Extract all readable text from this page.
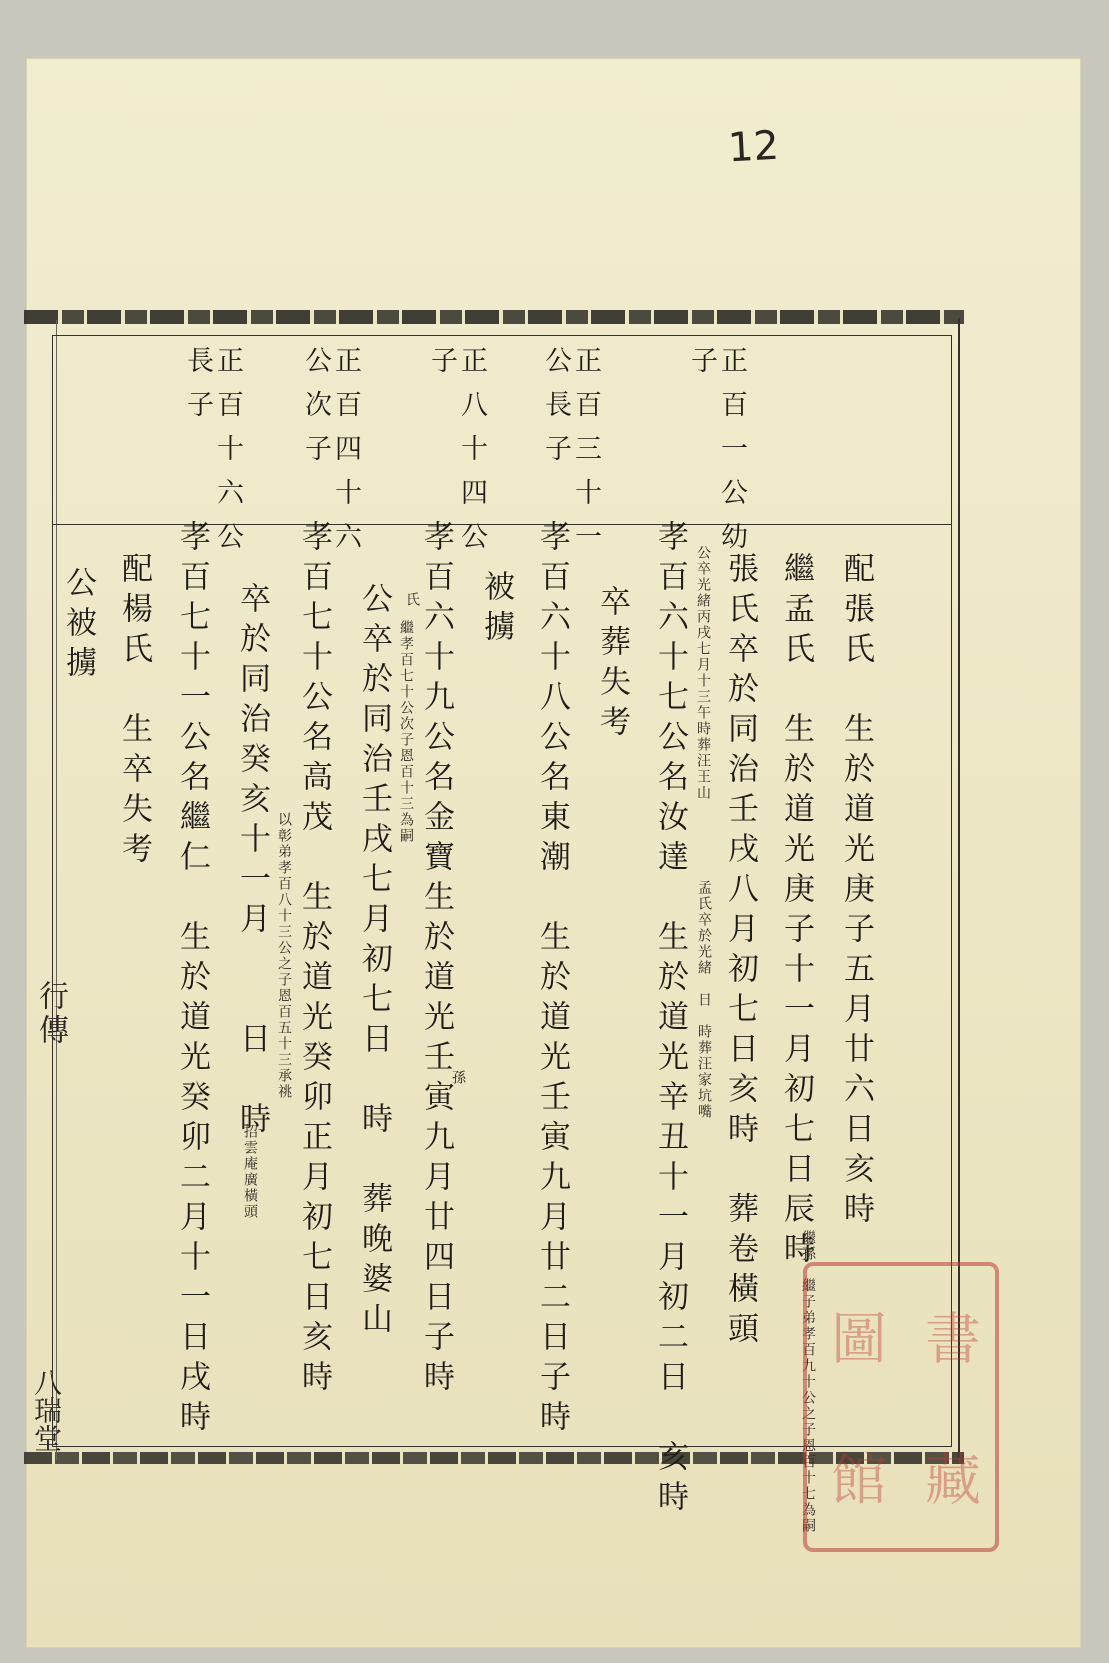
12
行傳
八瑞堂
正百一公幼
子
正百三十一
公長子
正八十四公
子
正百四十六
公次子
正百十六公
長子
配張氏　生於道光庚子五月廿六日亥時
繼孟氏　生於道光庚子十一月初七日辰時
張氏卒於同治壬戌八月初七日亥時　葬卷橫頭
孝百六十七公名汝達　生於道光辛丑十一月初二日　亥時
卒葬失考
孝百六十八公名東潮　生於道光壬寅九月廿二日子時
被擄
孝百六十九公名金寶生於道光壬寅九月廿四日子時
公卒於同治壬戌七月初七日　時　葬晚婆山
孝百七十公名高茂　生於道光癸卯正月初七日亥時
卒於同治癸亥十一月　　日　時
孝百七十一公名繼仁　生於道光癸卯二月十一日戌時
配楊氏　生卒失考
公被擄	公卒光緒丙戌七月十三午時葬汪王山
孟氏卒於光緒　日　時葬汪家坑嘴
氏
繼孝百七十公次子恩百十三為嗣
孫
以彰弟孝百八十三公之子恩百五十三承祧
招雲庵廣橫頭
繼孫　繼子弟孝百九十公之子恩百十七為嗣 圖 書
館 藏
